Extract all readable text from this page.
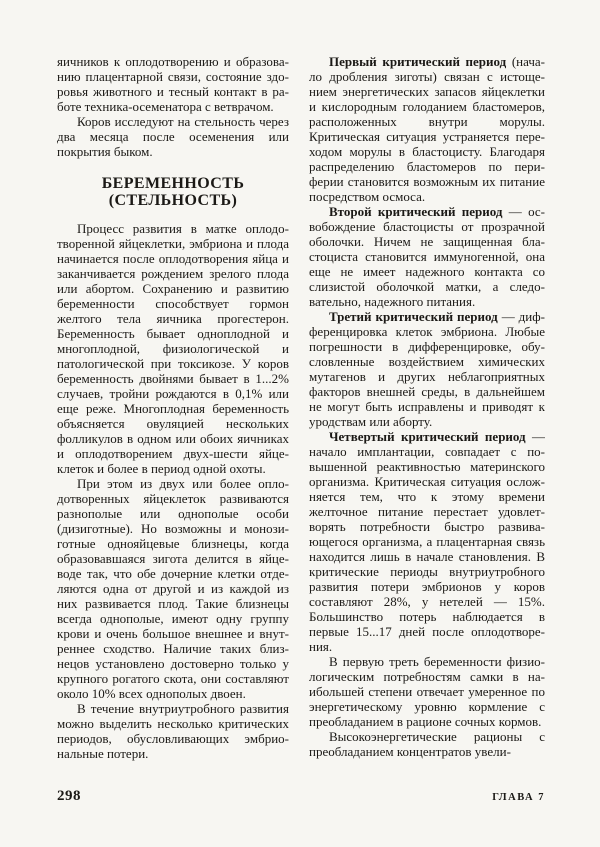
яичников к оплодотворению и образованию плацентарной связи, состояние здоровья животного и тесный контакт в работе техника-осеменатора с ветврачом.

Коров исследуют на стельность через два месяца после осеменения или покрытия быком.

БЕРЕМЕННОСТЬ
(СТЕЛЬНОСТЬ)

Процесс развития в матке оплодотворенной яйцеклетки, эмбриона и плода начинается после оплодотворения яйца и заканчивается рождением зрелого плода или абортом. Сохранению и развитию беременности способствует гормон желтого тела яичника прогестерон. Беременность бывает одноплодной и многоплодной, физиологической и патологической при токсикозе. У коров беременность двойнями бывает в 1...2% случаев, тройни рождаются в 0,1% или еще реже. Многоплодная беременность объясняется овуляцией нескольких фолликулов в одном или обоих яичниках и оплодотворением двух-шести яйцеклеток и более в период одной охоты.

При этом из двух или более оплодотворенных яйцеклеток развиваются разнополые или однополые особи (дизиготные). Но возможны и монозиготные однояйцевые близнецы, когда образовавшаяся зигота делится в яйцеводе так, что обе дочерние клетки отделяются одна от другой и из каждой из них развивается плод. Такие близнецы всегда однополые, имеют одну группу крови и очень большое внешнее и внутреннее сходство. Наличие таких близнецов установлено достоверно только у крупного рогатого скота, они составляют около 10% всех однополых двоен.

В течение внутриутробного развития можно выделить несколько критических периодов, обусловливающих эмбриональные потери.

Первый критический период (начало дробления зиготы) связан с истощением энергетических запасов яйцеклетки и кислородным голоданием бластомеров, расположенных внутри морулы. Критическая ситуация устраняется переходом морулы в бластоцисту. Благодаря распределению бластомеров по периферии становится возможным их питание посредством осмоса.

Второй критический период — освобождение бластоцисты от прозрачной оболочки. Ничем не защищенная бластоциста становится иммуногенной, она еще не имеет надежного контакта со слизистой оболочкой матки, а следовательно, надежного питания.

Третий критический период — дифференцировка клеток эмбриона. Любые погрешности в дифференцировке, обусловленные воздействием химических мутагенов и других неблагоприятных факторов внешней среды, в дальнейшем не могут быть исправлены и приводят к уродствам или аборту.

Четвертый критический период — начало имплантации, совпадает с повышенной реактивностью материнского организма. Критическая ситуация осложняется тем, что к этому времени желточное питание перестает удовлетворять потребности быстро развивающегося организма, а плацентарная связь находится лишь в начале становления. В критические периоды внутриутробного развития потери эмбрионов у коров составляют 28%, у нетелей — 15%. Большинство потерь наблюдается в первые 15...17 дней после оплодотворения.

В первую треть беременности физиологическим потребностям самки в наибольшей степени отвечает умеренное по энергетическому уровню кормление с преобладанием в рационе сочных кормов.

Высокоэнергетические рационы с преобладанием концентратов увели-

298	ГЛАВА 7
